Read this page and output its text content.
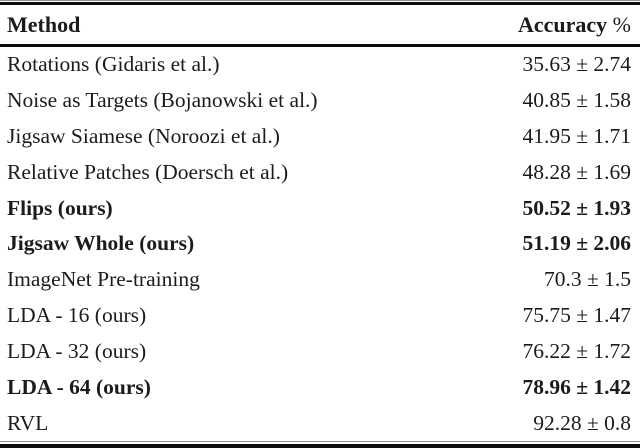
Method	Accuracy %
Rotations (Gidaris et al.)	35.63 ± 2.74
Noise as Targets (Bojanowski et al.)	40.85 ± 1.58
Jigsaw Siamese (Noroozi et al.)	41.95 ± 1.71
Relative Patches (Doersch et al.)	48.28 ± 1.69
Flips (ours)	50.52 ± 1.93
Jigsaw Whole (ours)	51.19 ± 2.06
ImageNet Pre-training	70.3 ± 1.5
LDA - 16 (ours)	75.75 ± 1.47
LDA - 32 (ours)	76.22 ± 1.72
LDA - 64 (ours)	78.96 ± 1.42
RVL	92.28 ± 0.8
